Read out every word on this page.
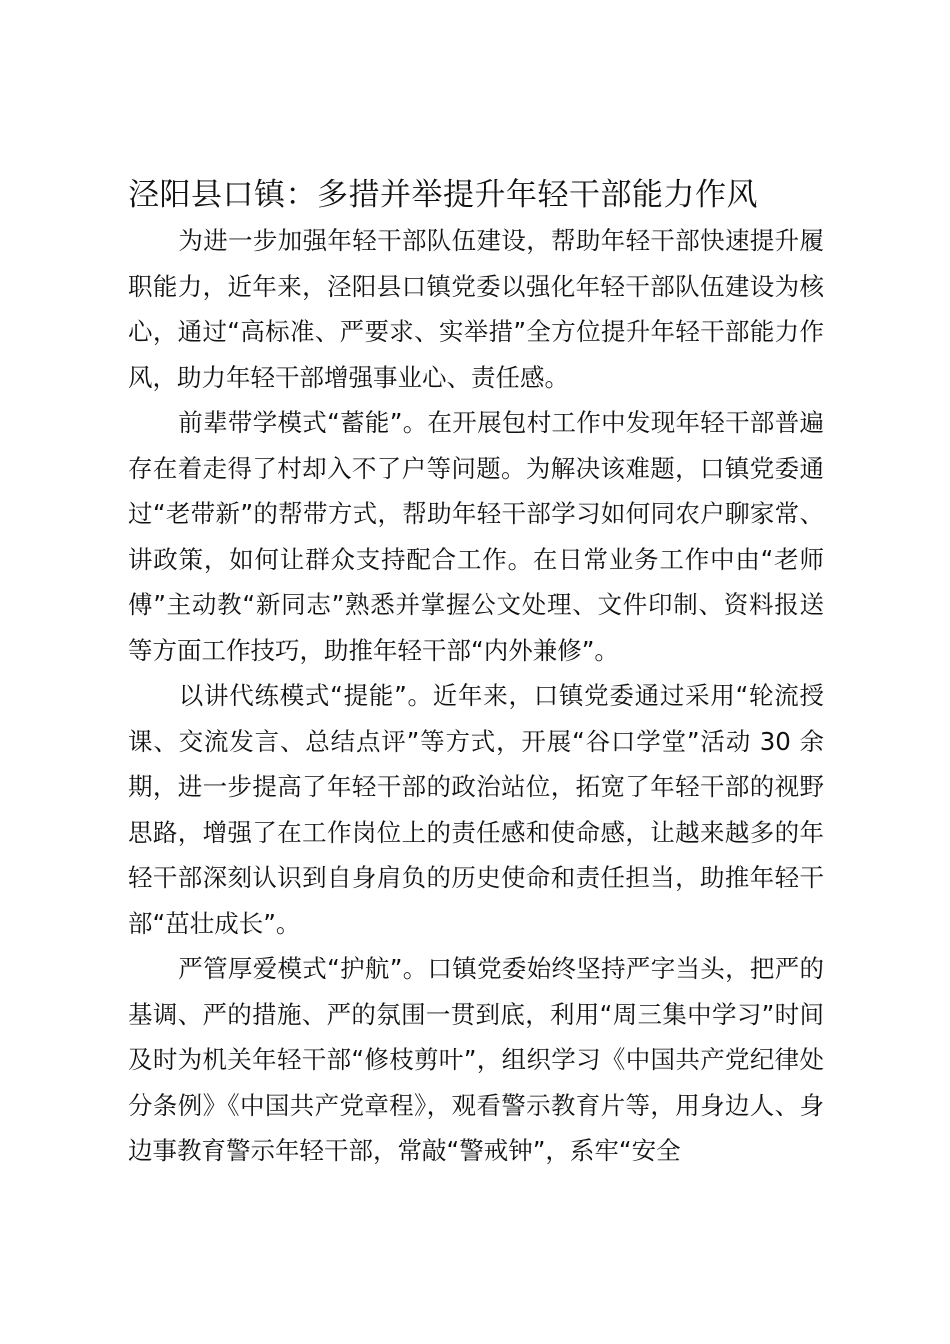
泾阳县口镇：多措并举提升年轻干部能力作风

为进一步加强年轻干部队伍建设，帮助年轻干部快速提升履职能力，近年来，泾阳县口镇党委以强化年轻干部队伍建设为核心，通过“高标准、严要求、实举措”全方位提升年轻干部能力作风，助力年轻干部增强事业心、责任感。

前辈带学模式“蓄能”。在开展包村工作中发现年轻干部普遍存在着走得了村却入不了户等问题。为解决该难题，口镇党委通过“老带新”的帮带方式，帮助年轻干部学习如何同农户聊家常、讲政策，如何让群众支持配合工作。在日常业务工作中由“老师傅”主动教“新同志”熟悉并掌握公文处理、文件印制、资料报送等方面工作技巧，助推年轻干部“内外兼修”。

以讲代练模式“提能”。近年来，口镇党委通过采用“轮流授课、交流发言、总结点评”等方式，开展“谷口学堂”活动 30 余期，进一步提高了年轻干部的政治站位，拓宽了年轻干部的视野思路，增强了在工作岗位上的责任感和使命感，让越来越多的年轻干部深刻认识到自身肩负的历史使命和责任担当，助推年轻干部“茁壮成长”。

严管厚爱模式“护航”。口镇党委始终坚持严字当头，把严的基调、严的措施、严的氛围一贯到底，利用“周三集中学习”时间及时为机关年轻干部“修枝剪叶”，组织学习《中国共产党纪律处分条例》《中国共产党章程》，观看警示教育片等，用身边人、身边事教育警示年轻干部，常敲“警戒钟”，系牢“安全
